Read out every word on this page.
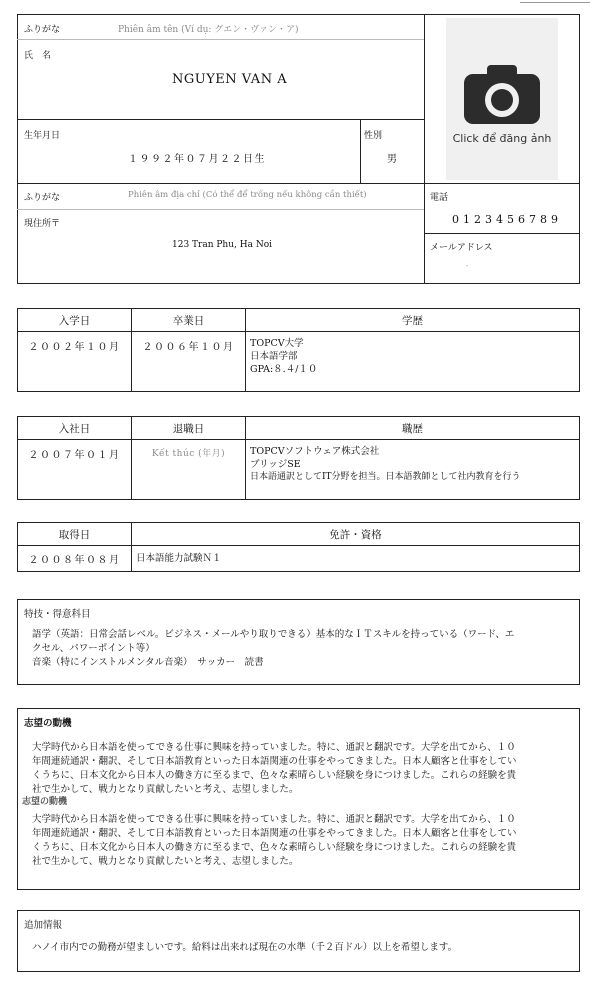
ふりがな	Phiên âm tên (Ví dụ: グエン・ヴァン・ア)
氏　名
NGUYEN VAN A
生年月日
１９９２年０７月２２日生
性別
男
Click để đăng ảnh
ふりがな	Phiên âm địa chỉ (Có thể để trống nếu không cần thiết)
現住所〒
123 Tran Phu, Ha Noi
電話
0123456789
メールアドレス
-
入学日	卒業日	学歴
２００２年１０月	２００６年１０月	TOPCV大学
日本語学部
GPA:８.４/１０
入社日	退職日	職歴
２００７年０１月	Kết thúc (年月)	TOPCVソフトウェア株式会社
ブリッジSE
日本語通訳としてIT分野を担当。日本語教師として社内教育を行う
取得日	免許・資格
２００８年０８月	日本語能力試験Ｎ１
特技・得意科目
語学（英語：日常会話レベル。ビジネス・メールやり取りできる）基本的なＩＴスキルを持っている（ワード、エ
クセル、パワーポイント等）
音楽（特にインストルメンタル音楽）　サッカー　読書
志望の動機
大学時代から日本語を使ってできる仕事に興味を持っていました。特に、通訳と翻訳です。大学を出てから、１０
年間連続通訳・翻訳、そして日本語教育といった日本語関連の仕事をやってきました。日本人顧客と仕事をしてい
くうちに、日本文化から日本人の働き方に至るまで、色々な素晴らしい経験を身につけました。これらの経験を貴
社で生かして、戦力となり貢献したいと考え、志望しました。
志望の動機
大学時代から日本語を使ってできる仕事に興味を持っていました。特に、通訳と翻訳です。大学を出てから、１０
年間連続通訳・翻訳、そして日本語教育といった日本語関連の仕事をやってきました。日本人顧客と仕事をしてい
くうちに、日本文化から日本人の働き方に至るまで、色々な素晴らしい経験を身につけました。これらの経験を貴
社で生かして、戦力となり貢献したいと考え、志望しました。
追加情報
ハノイ市内での勤務が望ましいです。給料は出来れば現在の水準（千２百ドル）以上を希望します。
